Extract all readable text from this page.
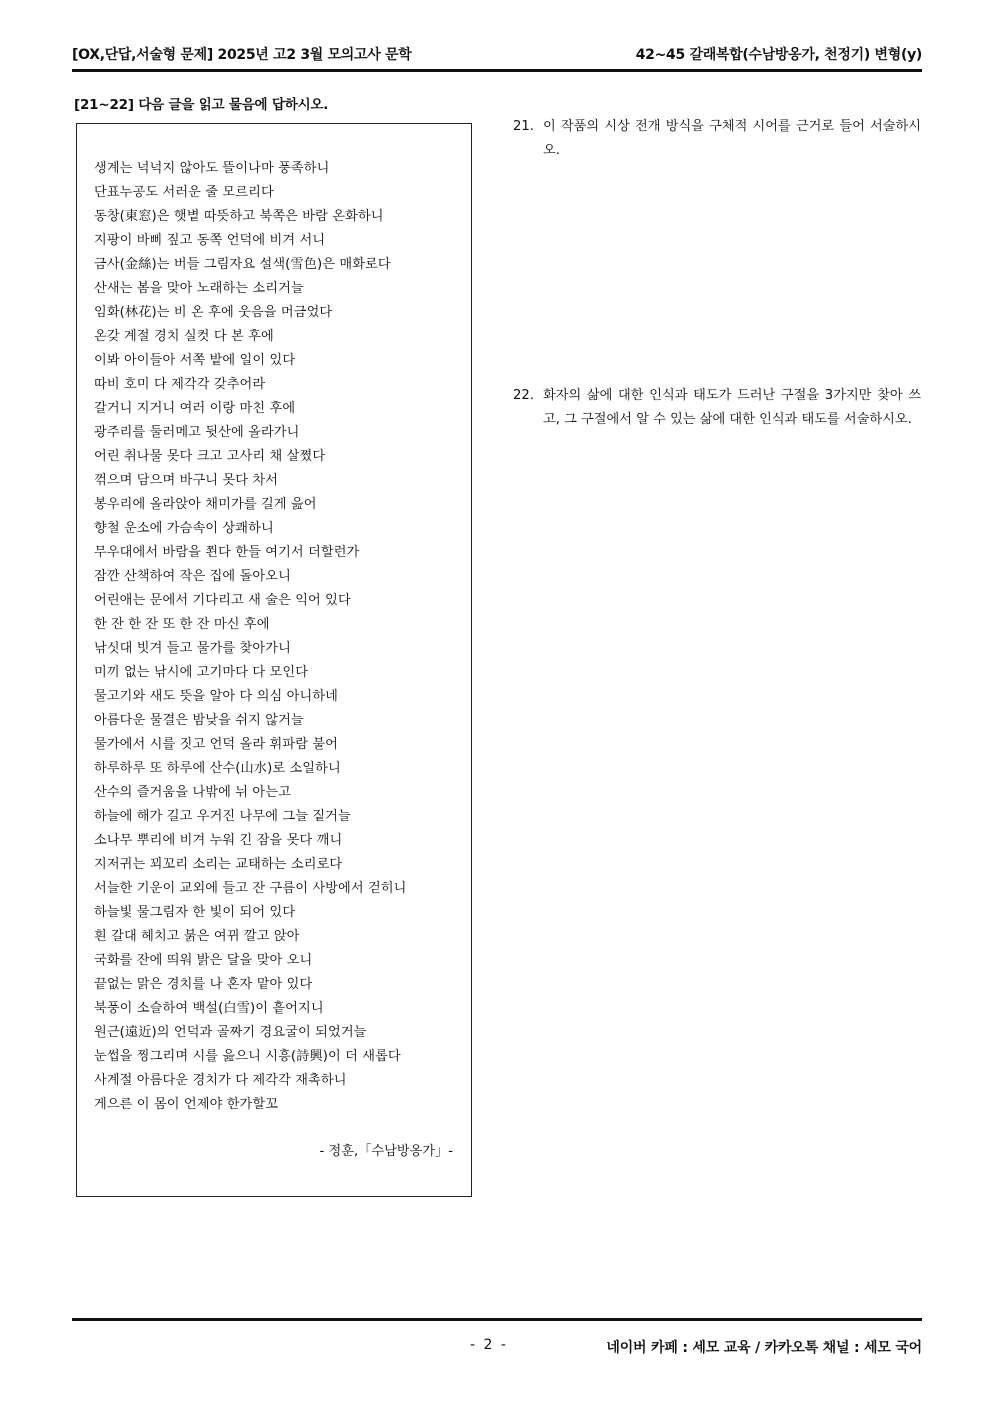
[OX,단답,서술형 문제] 2025년 고2 3월 모의고사 문학	42~45 갈래복합(수남방옹가, 천정기) 변형(y)
[21~22] 다음 글을 읽고 물음에 답하시오.
생계는 넉넉지 않아도 뜰이나마 풍족하니
단표누공도 서러운 줄 모르리다
동창(東窓)은 햇볕 따뜻하고 북쪽은 바람 온화하니
지팡이 바삐 짚고 동쪽 언덕에 비겨 서니
금사(金絲)는 버들 그림자요 설색(雪色)은 매화로다
산새는 봄을 맞아 노래하는 소리거늘
임화(林花)는 비 온 후에 웃음을 머금었다
온갖 계절 경치 실컷 다 본 후에
이봐 아이들아 서쪽 밭에 일이 있다
따비 호미 다 제각각 갖추어라
갈거니 지거니 여러 이랑 마친 후에
광주리를 둘러메고 뒷산에 올라가니
어린 취나물 못다 크고 고사리 채 살쪘다
꺾으며 담으며 바구니 못다 차서
봉우리에 올라앉아 채미가를 길게 읊어
향철 운소에 가슴속이 상쾌하니
무우대에서 바람을 쬔다 한들 여기서 더할런가
잠깐 산책하여 작은 집에 돌아오니
어린애는 문에서 기다리고 새 술은 익어 있다
한 잔 한 잔 또 한 잔 마신 후에
낚싯대 빗겨 들고 물가를 찾아가니
미끼 없는 낚시에 고기마다 다 모인다
물고기와 새도 뜻을 알아 다 의심 아니하네
아름다운 물결은 밤낮을 쉬지 않거늘
물가에서 시를 짓고 언덕 올라 휘파람 불어
하루하루 또 하루에 산수(山水)로 소일하니
산수의 즐거움을 나밖에 뉘 아는고
하늘에 해가 길고 우거진 나무에 그늘 짙거늘
소나무 뿌리에 비겨 누워 긴 잠을 못다 깨니
지저귀는 꾀꼬리 소리는 교태하는 소리로다
서늘한 기운이 교외에 들고 잔 구름이 사방에서 걷히니
하늘빛 물그림자 한 빛이 되어 있다
흰 갈대 헤치고 붉은 여뀌 깔고 앉아
국화를 잔에 띄워 밝은 달을 맞아 오니
끝없는 맑은 경치를 나 혼자 맡아 있다
북풍이 소슬하여 백설(白雪)이 흩어지니
원근(遠近)의 언덕과 골짜기 경요굴이 되었거늘
눈썹을 찡그리며 시를 읊으니 시흥(詩興)이 더 새롭다
사계절 아름다운 경치가 다 제각각 재촉하니
게으른 이 몸이 언제야 한가할꼬
- 정훈,「수남방옹가」-
21. 이 작품의 시상 전개 방식을 구체적 시어를 근거로 들어 서술하시오.
22. 화자의 삶에 대한 인식과 태도가 드러난 구절을 3가지만 찾아 쓰고, 그 구절에서 알 수 있는 삶에 대한 인식과 태도를 서술하시오.
- 2 -	네이버 카페 : 세모 교육 / 카카오톡 채널 : 세모 국어
